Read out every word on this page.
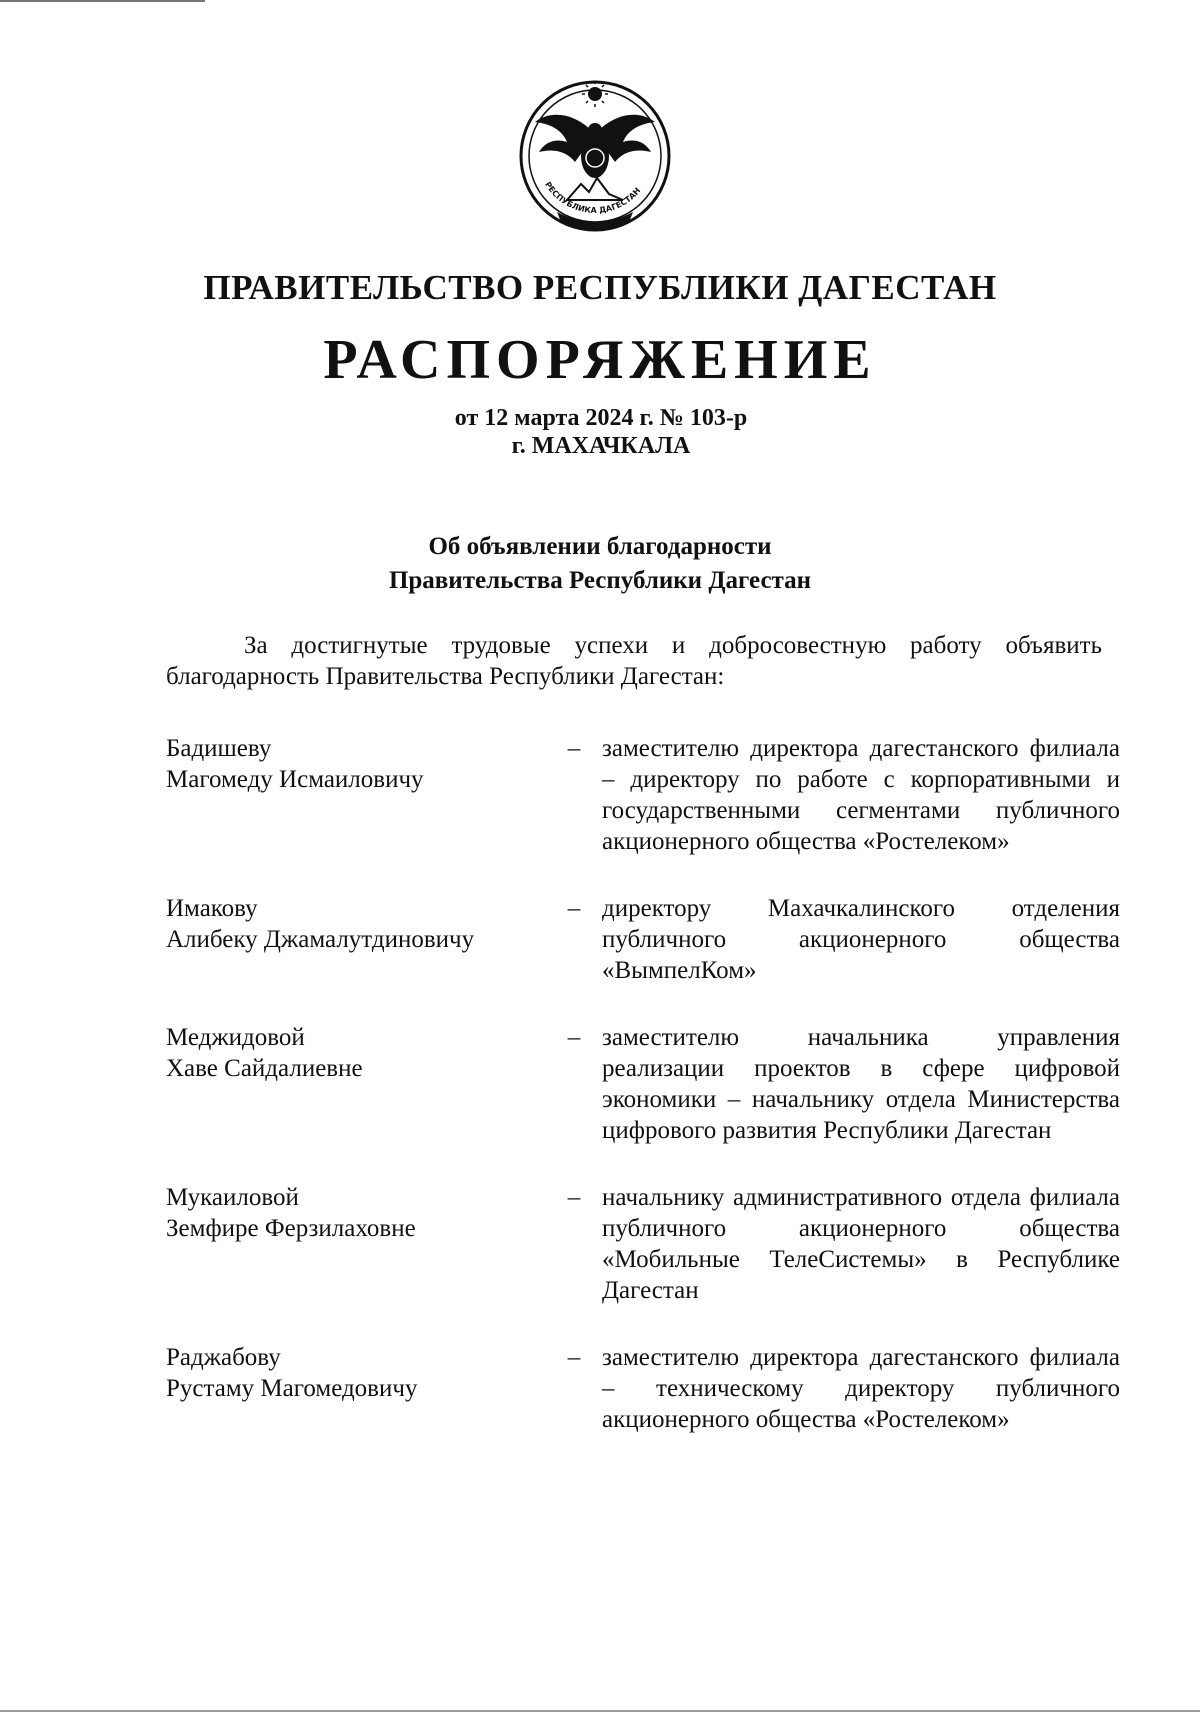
РЕСПУБЛИКА ДАГЕСТАН
ПРАВИТЕЛЬСТВО РЕСПУБЛИКИ ДАГЕСТАН
РАСПОРЯЖЕНИЕ
от 12 марта 2024 г. № 103-р
г. МАХАЧКАЛА
Об объявлении благодарности
Правительства Республики Дагестан
За достигнутые трудовые успехи и добросовестную работу объявить благодарность Правительства Республики Дагестан:
Бадишеву
Магомеду Исмаиловичу
– заместителю директора дагестанского филиала – директору по работе с корпоративными и государственными сегментами публичного акционерного общества «Ростелеком»
Имакову
Алибеку Джамалутдиновичу
– директору Махачкалинского отделения публичного акционерного общества «ВымпелКом»
Меджидовой
Хаве Сайдалиевне
– заместителю начальника управления реализации проектов в сфере цифровой экономики – начальнику отдела Министерства цифрового развития Республики Дагестан
Мукаиловой
Земфире Ферзилаховне
– начальнику административного отдела филиала публичного акционерного общества «Мобильные ТелеСистемы» в Республике Дагестан
Раджабову
Рустаму Магомедовичу
– заместителю директора дагестанского филиала – техническому директору публичного акционерного общества «Ростелеком»
